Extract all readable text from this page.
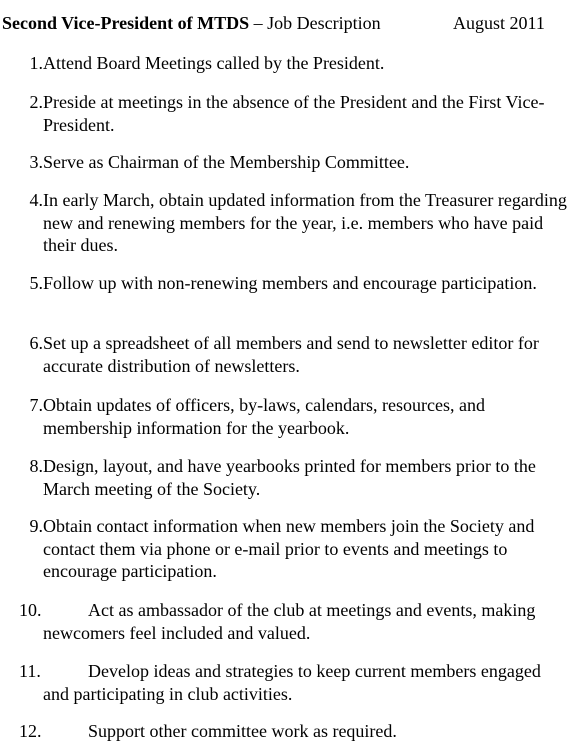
Second Vice-President of MTDS – Job Description	August 2011
1. Attend Board Meetings called by the President.
2. Preside at meetings in the absence of the President and the First Vice-President.
3. Serve as Chairman of the Membership Committee.
4. In early March, obtain updated information from the Treasurer regarding new and renewing members for the year, i.e. members who have paid their dues.
5. Follow up with non-renewing members and encourage participation.
6. Set up a spreadsheet of all members and send to newsletter editor for accurate distribution of newsletters.
7. Obtain updates of officers, by-laws, calendars, resources, and membership information for the yearbook.
8. Design, layout, and have yearbooks printed for members prior to the March meeting of the Society.
9. Obtain contact information when new members join the Society and contact them via phone or e-mail prior to events and meetings to encourage participation.
10.	Act as ambassador of the club at meetings and events, making newcomers feel included and valued.
11.	Develop ideas and strategies to keep current members engaged and participating in club activities.
12.	Support other committee work as required.
